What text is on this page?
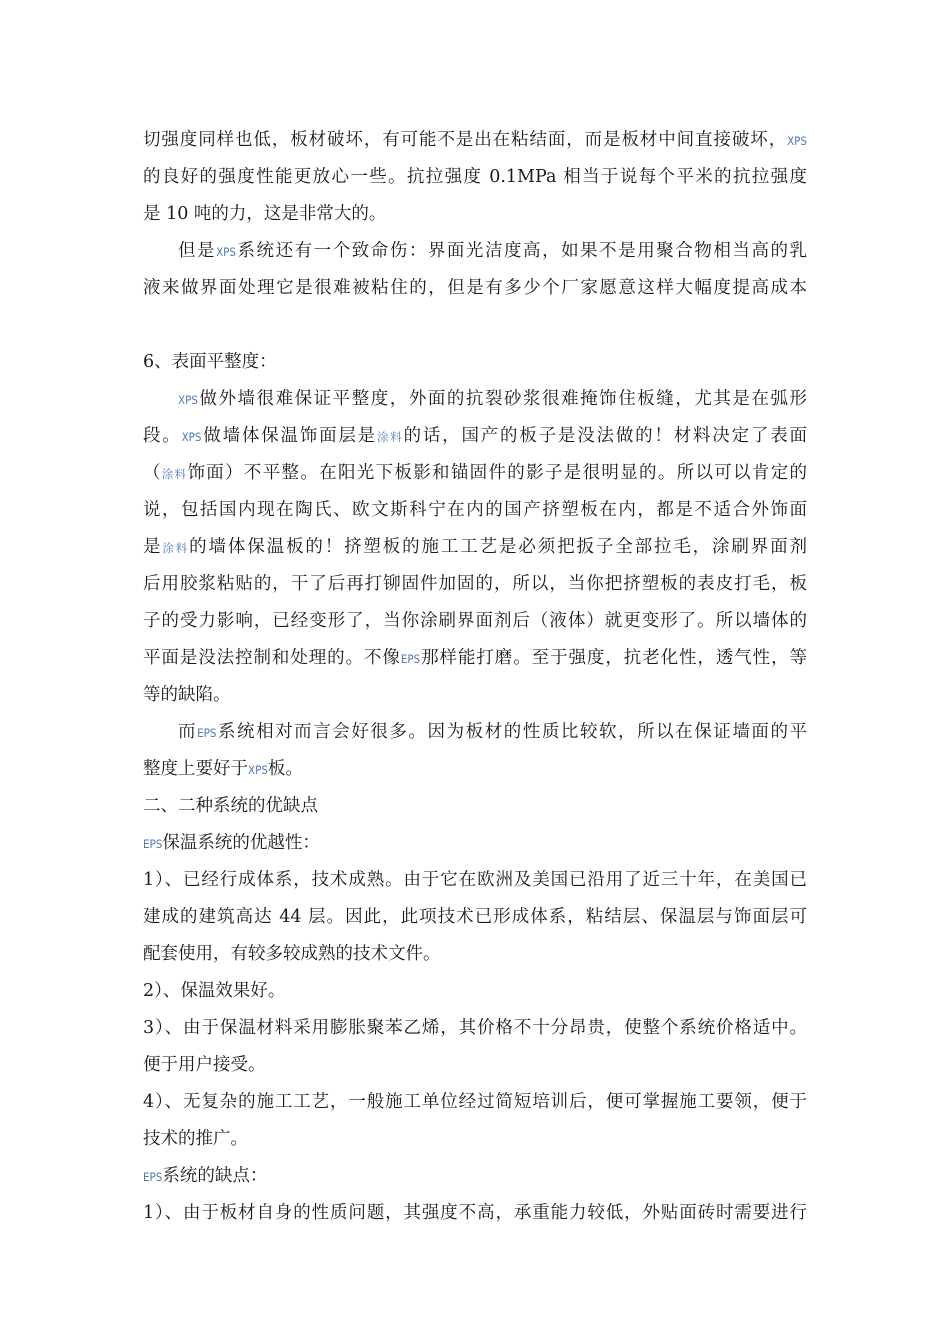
切强度同样也低，板材破坏，有可能不是出在粘结面，而是板材中间直接破坏，XPS
的良好的强度性能更放心一些。抗拉强度 0.1MPa 相当于说每个平米的抗拉强度
是 10 吨的力，这是非常大的。
但是XPS系统还有一个致命伤：界面光洁度高，如果不是用聚合物相当高的乳
液来做界面处理它是很难被粘住的，但是有多少个厂家愿意这样大幅度提高成本
6、表面平整度：
XPS做外墙很难保证平整度，外面的抗裂砂浆很难掩饰住板缝，尤其是在弧形
段。XPS做墙体保温饰面层是涂料的话，国产的板子是没法做的！材料决定了表面
（涂料饰面）不平整。在阳光下板影和锚固件的影子是很明显的。所以可以肯定的
说，包括国内现在陶氏、欧文斯科宁在内的国产挤塑板在内，都是不适合外饰面
是涂料的墙体保温板的！挤塑板的施工工艺是必须把扳子全部拉毛，涂刷界面剂
后用胶浆粘贴的，干了后再打铆固件加固的，所以，当你把挤塑板的表皮打毛，板
子的受力影响，已经变形了，当你涂刷界面剂后（液体）就更变形了。所以墙体的
平面是没法控制和处理的。不像EPS那样能打磨。至于强度，抗老化性，透气性，等
等的缺陷。
而EPS系统相对而言会好很多。因为板材的性质比较软，所以在保证墙面的平
整度上要好于XPS板。
二、二种系统的优缺点
EPS保温系统的优越性：
1）、已经行成体系，技术成熟。由于它在欧洲及美国已沿用了近三十年，在美国已
建成的建筑高达 44 层。因此，此项技术已形成体系，粘结层、保温层与饰面层可
配套使用，有较多较成熟的技术文件。
2）、保温效果好。
3）、由于保温材料采用膨胀聚苯乙烯，其价格不十分昂贵，使整个系统价格适中。
便于用户接受。
4）、无复杂的施工工艺，一般施工单位经过简短培训后，便可掌握施工要领，便于
技术的推广。
EPS系统的缺点：
1）、由于板材自身的性质问题，其强度不高，承重能力较低，外贴面砖时需要进行
